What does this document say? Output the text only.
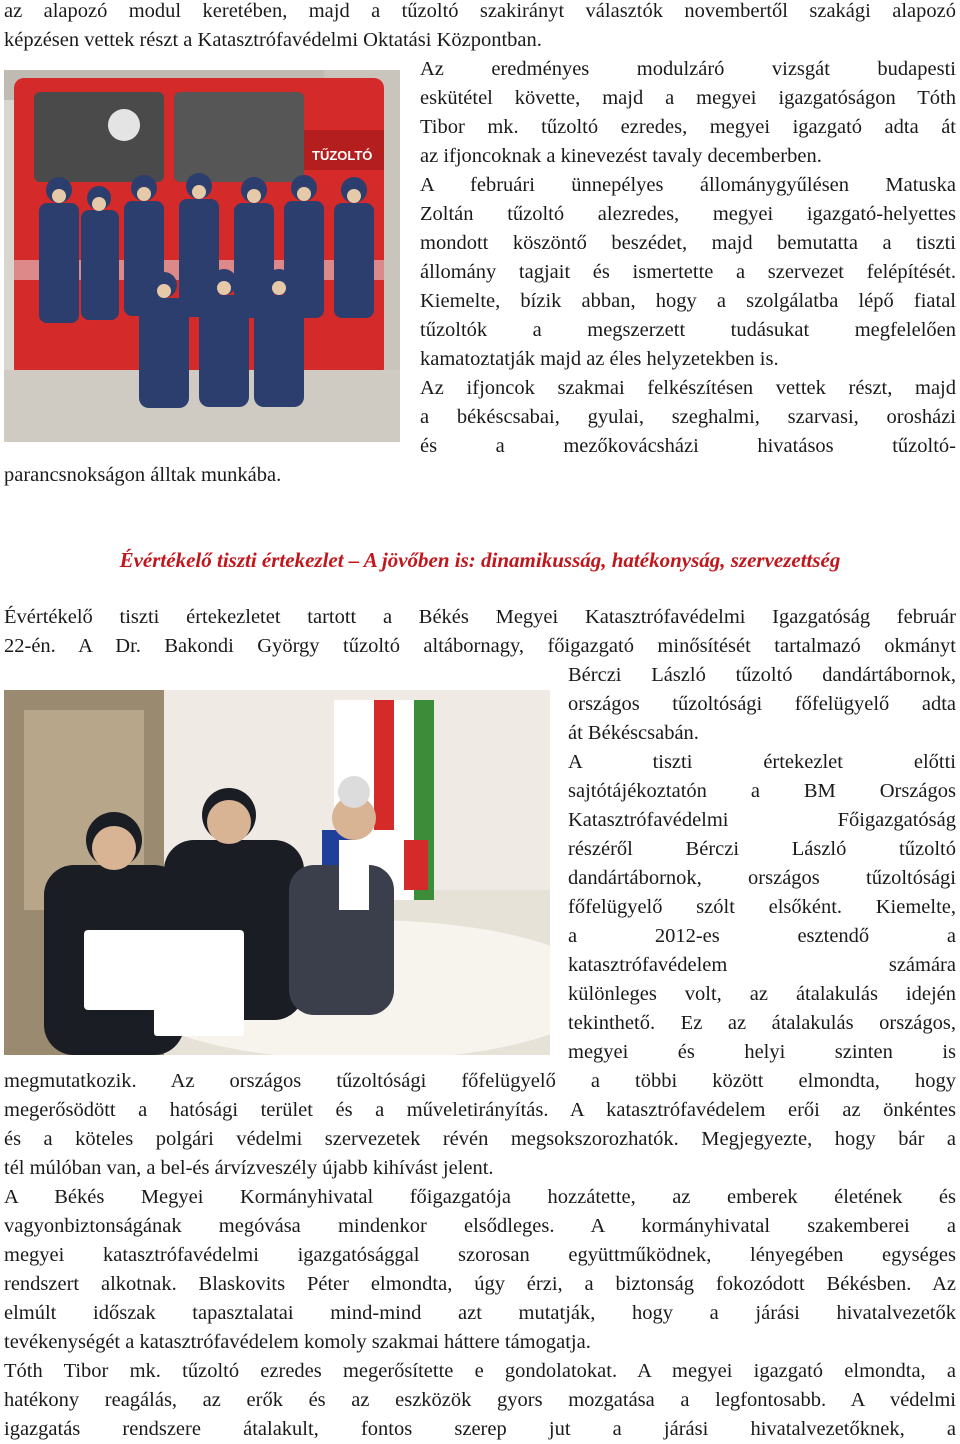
az alapozó modul keretében, majd a tűzoltó szakirányt választók novembertől szakági alapozó
képzésen vettek részt a Katasztrófavédelmi Oktatási Központban.
Az eredményes modulzáró vizsgát budapesti
eskütétel követte, majd a megyei igazgatóságon Tóth
Tibor mk. tűzoltó ezredes, megyei igazgató adta át
az ifjoncoknak a kinevezést tavaly decemberben.
A februári ünnepélyes állománygyűlésen Matuska
Zoltán tűzoltó alezredes, megyei igazgató-helyettes
mondott köszöntő beszédet, majd bemutatta a tiszti
állomány tagjait és ismertette a szervezet felépítését.
Kiemelte, bízik abban, hogy a szolgálatba lépő fiatal
tűzoltók a megszerzett tudásukat megfelelően
kamatoztatják majd az éles helyzetekben is.
Az ifjoncok szakmai felkészítésen vettek részt, majd
a békéscsabai, gyulai, szeghalmi, szarvasi, orosházi
és a mezőkovácsházi hivatásos tűzoltó-
parancsnokságon álltak munkába.
TŰZOLTÓ
Évértékelő tiszti értekezlet – A jövőben is: dinamikusság, hatékonyság, szervezettség
Évértékelő tiszti értekezletet tartott a Békés Megyei Katasztrófavédelmi Igazgatóság február
22-én. A Dr. Bakondi György tűzoltó altábornagy, főigazgató minősítését tartalmazó okmányt
Bérczi László tűzoltó dandártábornok,
országos tűzoltósági főfelügyelő adta
át Békéscsabán.
A tiszti értekezlet előtti
sajtótájékoztatón a BM Országos
Katasztrófavédelmi Főigazgatóság
részéről Bérczi László tűzoltó
dandártábornok, országos tűzoltósági
főfelügyelő szólt elsőként. Kiemelte,
a 2012-es esztendő a
katasztrófavédelem számára
különleges volt, az átalakulás idején
tekinthető. Ez az átalakulás országos,
megyei és helyi szinten is
megmutatkozik. Az országos tűzoltósági főfelügyelő a többi között elmondta, hogy
megerősödött a hatósági terület és a műveletirányítás. A katasztrófavédelem erői az önkéntes
és a köteles polgári védelmi szervezetek révén megsokszorozhatók. Megjegyezte, hogy bár a
tél múlóban van, a bel-és árvízveszély újabb kihívást jelent.
A Békés Megyei Kormányhivatal főigazgatója hozzátette, az emberek életének és
vagyonbiztonságának megóvása mindenkor elsődleges. A kormányhivatal szakemberei a
megyei katasztrófavédelmi igazgatósággal szorosan együttműködnek, lényegében egységes
rendszert alkotnak. Blaskovits Péter elmondta, úgy érzi, a biztonság fokozódott Békésben. Az
elmúlt időszak tapasztalatai mind-mind azt mutatják, hogy a járási hivatalvezetők
tevékenységét a katasztrófavédelem komoly szakmai háttere támogatja.
Tóth Tibor mk. tűzoltó ezredes megerősítette e gondolatokat. A megyei igazgató elmondta, a
hatékony reagálás, az erők és az eszközök gyors mozgatása a legfontosabb. A védelmi
igazgatás rendszere átalakult, fontos szerep jut a járási hivatalvezetőknek, a
